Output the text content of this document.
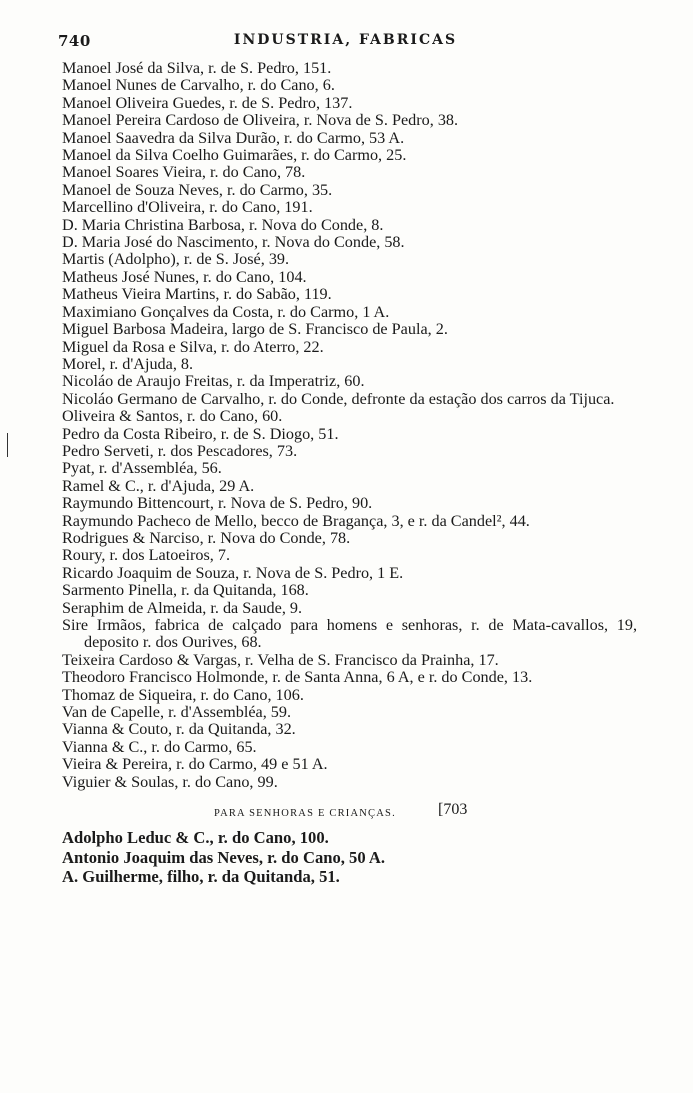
740	INDUSTRIA, FABRICAS

Manoel José da Silva, r. de S. Pedro, 151.

Manoel Nunes de Carvalho, r. do Cano, 6.

Manoel Oliveira Guedes, r. de S. Pedro, 137.

Manoel Pereira Cardoso de Oliveira, r. Nova de S. Pedro, 38.

Manoel Saavedra da Silva Durão, r. do Carmo, 53 A.

Manoel da Silva Coelho Guimarães, r. do Carmo, 25.

Manoel Soares Vieira, r. do Cano, 78.

Manoel de Souza Neves, r. do Carmo, 35.

Marcellino d'Oliveira, r. do Cano, 191.

D. Maria Christina Barbosa, r. Nova do Conde, 8.

D. Maria José do Nascimento, r. Nova do Conde, 58.

Martis (Adolpho), r. de S. José, 39.

Matheus José Nunes, r. do Cano, 104.

Matheus Vieira Martins, r. do Sabão, 119.

Maximiano Gonçalves da Costa, r. do Carmo, 1 A.

Miguel Barbosa Madeira, largo de S. Francisco de Paula, 2.

Miguel da Rosa e Silva, r. do Aterro, 22.

Morel, r. d'Ajuda, 8.

Nicoláo de Araujo Freitas, r. da Imperatriz, 60.

Nicoláo Germano de Carvalho, r. do Conde, defronte da estação dos carros da Tijuca.

Oliveira & Santos, r. do Cano, 60.

Pedro da Costa Ribeiro, r. de S. Diogo, 51.

Pedro Serveti, r. dos Pescadores, 73.

Pyat, r. d'Assembléa, 56.

Ramel & C., r. d'Ajuda, 29 A.

Raymundo Bittencourt, r. Nova de S. Pedro, 90.

Raymundo Pacheco de Mello, becco de Bragança, 3, e r. da Candel², 44.

Rodrigues & Narciso, r. Nova do Conde, 78.

Roury, r. dos Latoeiros, 7.

Ricardo Joaquim de Souza, r. Nova de S. Pedro, 1 E.

Sarmento Pinella, r. da Quitanda, 168.

Seraphim de Almeida, r. da Saude, 9.

Sire Irmãos, fabrica de calçado para homens e senhoras, r. de Mata-cavallos, 19, deposito r. dos Ourives, 68.

Teixeira Cardoso & Vargas, r. Velha de S. Francisco da Prainha, 17.

Theodoro Francisco Holmonde, r. de Santa Anna, 6 A, e r. do Conde, 13.

Thomaz de Siqueira, r. do Cano, 106.

Van de Capelle, r. d'Assembléa, 59.

Vianna & Couto, r. da Quitanda, 32.

Vianna & C., r. do Carmo, 65.

Vieira & Pereira, r. do Carmo, 49 e 51 A.

Viguier & Soulas, r. do Cano, 99.

PARA SENHORAS E CRIANÇAS.	[703

Adolpho Leduc & C., r. do Cano, 100.

Antonio Joaquim das Neves, r. do Cano, 50 A.

A. Guilherme, filho, r. da Quitanda, 51.
